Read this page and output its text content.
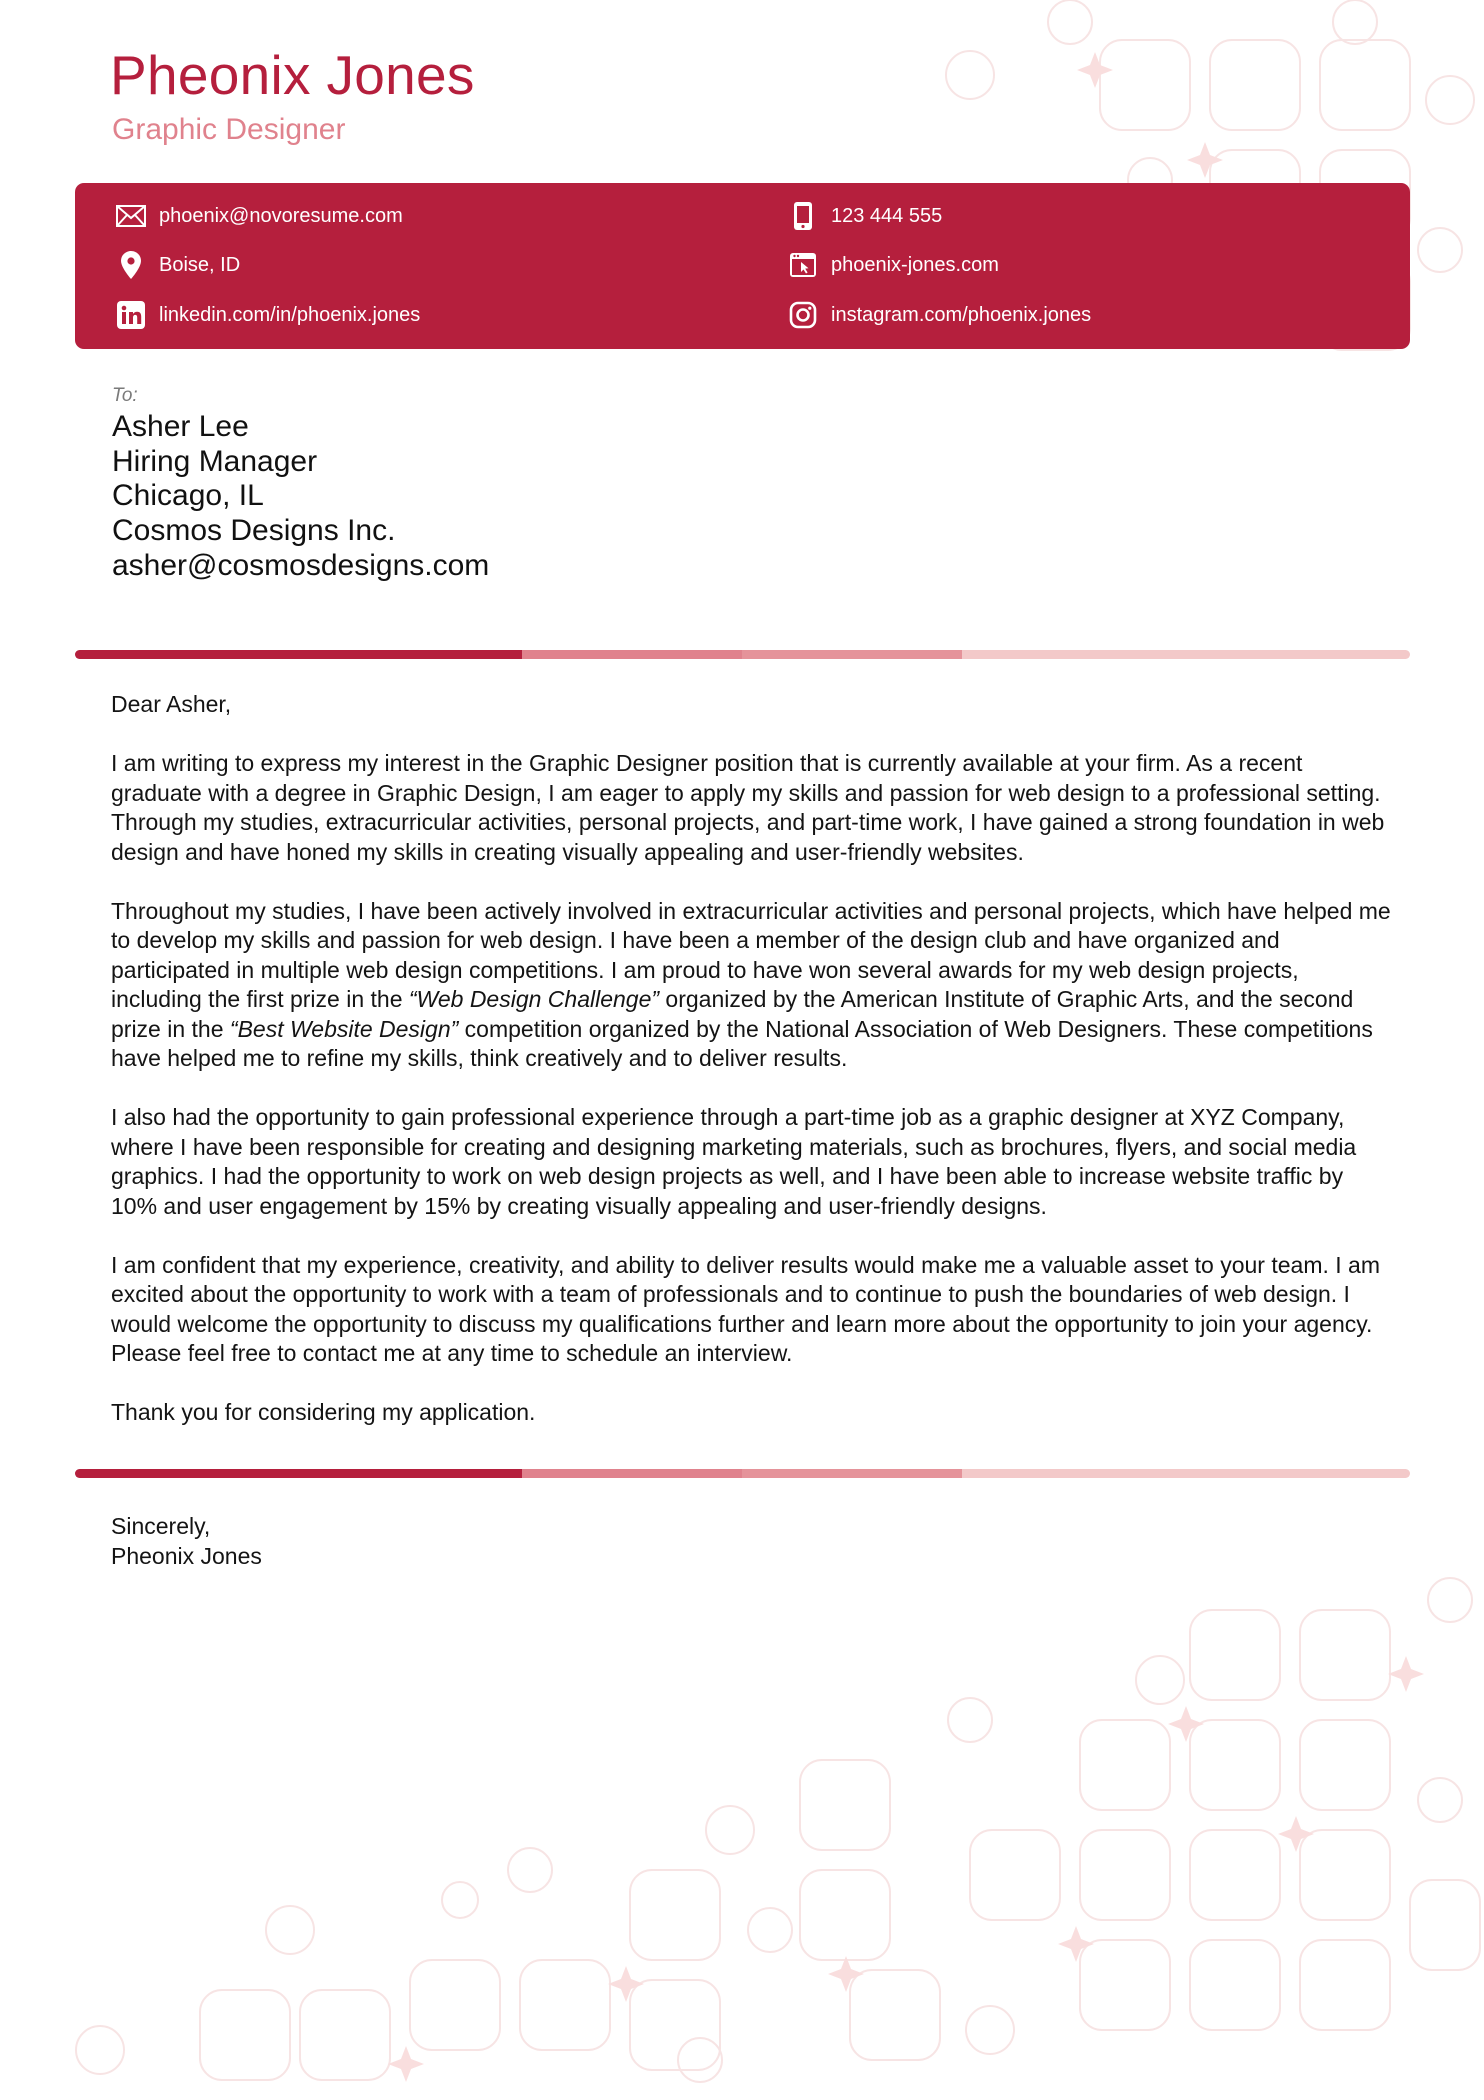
Pheonix Jones
Graphic Designer
phoenix@novoresume.com	123 444 555
Boise, ID	phoenix-jones.com
linkedin.com/in/phoenix.jones	instagram.com/phoenix.jones
To:
Asher Lee
Hiring Manager
Chicago, IL
Cosmos Designs Inc.
asher@cosmosdesigns.com

Dear Asher,

I am writing to express my interest in the Graphic Designer position that is currently available at your firm. As a recent graduate with a degree in Graphic Design, I am eager to apply my skills and passion for web design to a professional setting. Through my studies, extracurricular activities, personal projects, and part-time work, I have gained a strong foundation in web design and have honed my skills in creating visually appealing and user-friendly websites.

Throughout my studies, I have been actively involved in extracurricular activities and personal projects, which have helped me to develop my skills and passion for web design. I have been a member of the design club and have organized and participated in multiple web design competitions. I am proud to have won several awards for my web design projects, including the first prize in the “Web Design Challenge” organized by the American Institute of Graphic Arts, and the second prize in the “Best Website Design” competition organized by the National Association of Web Designers. These competitions have helped me to refine my skills, think creatively and to deliver results.

I also had the opportunity to gain professional experience through a part-time job as a graphic designer at XYZ Company, where I have been responsible for creating and designing marketing materials, such as brochures, flyers, and social media graphics. I had the opportunity to work on web design projects as well, and I have been able to increase website traffic by 10% and user engagement by 15% by creating visually appealing and user-friendly designs.

I am confident that my experience, creativity, and ability to deliver results would make me a valuable asset to your team. I am excited about the opportunity to work with a team of professionals and to continue to push the boundaries of web design. I would welcome the opportunity to discuss my qualifications further and learn more about the opportunity to join your agency. Please feel free to contact me at any time to schedule an interview.

Thank you for considering my application.

Sincerely,
Pheonix Jones
